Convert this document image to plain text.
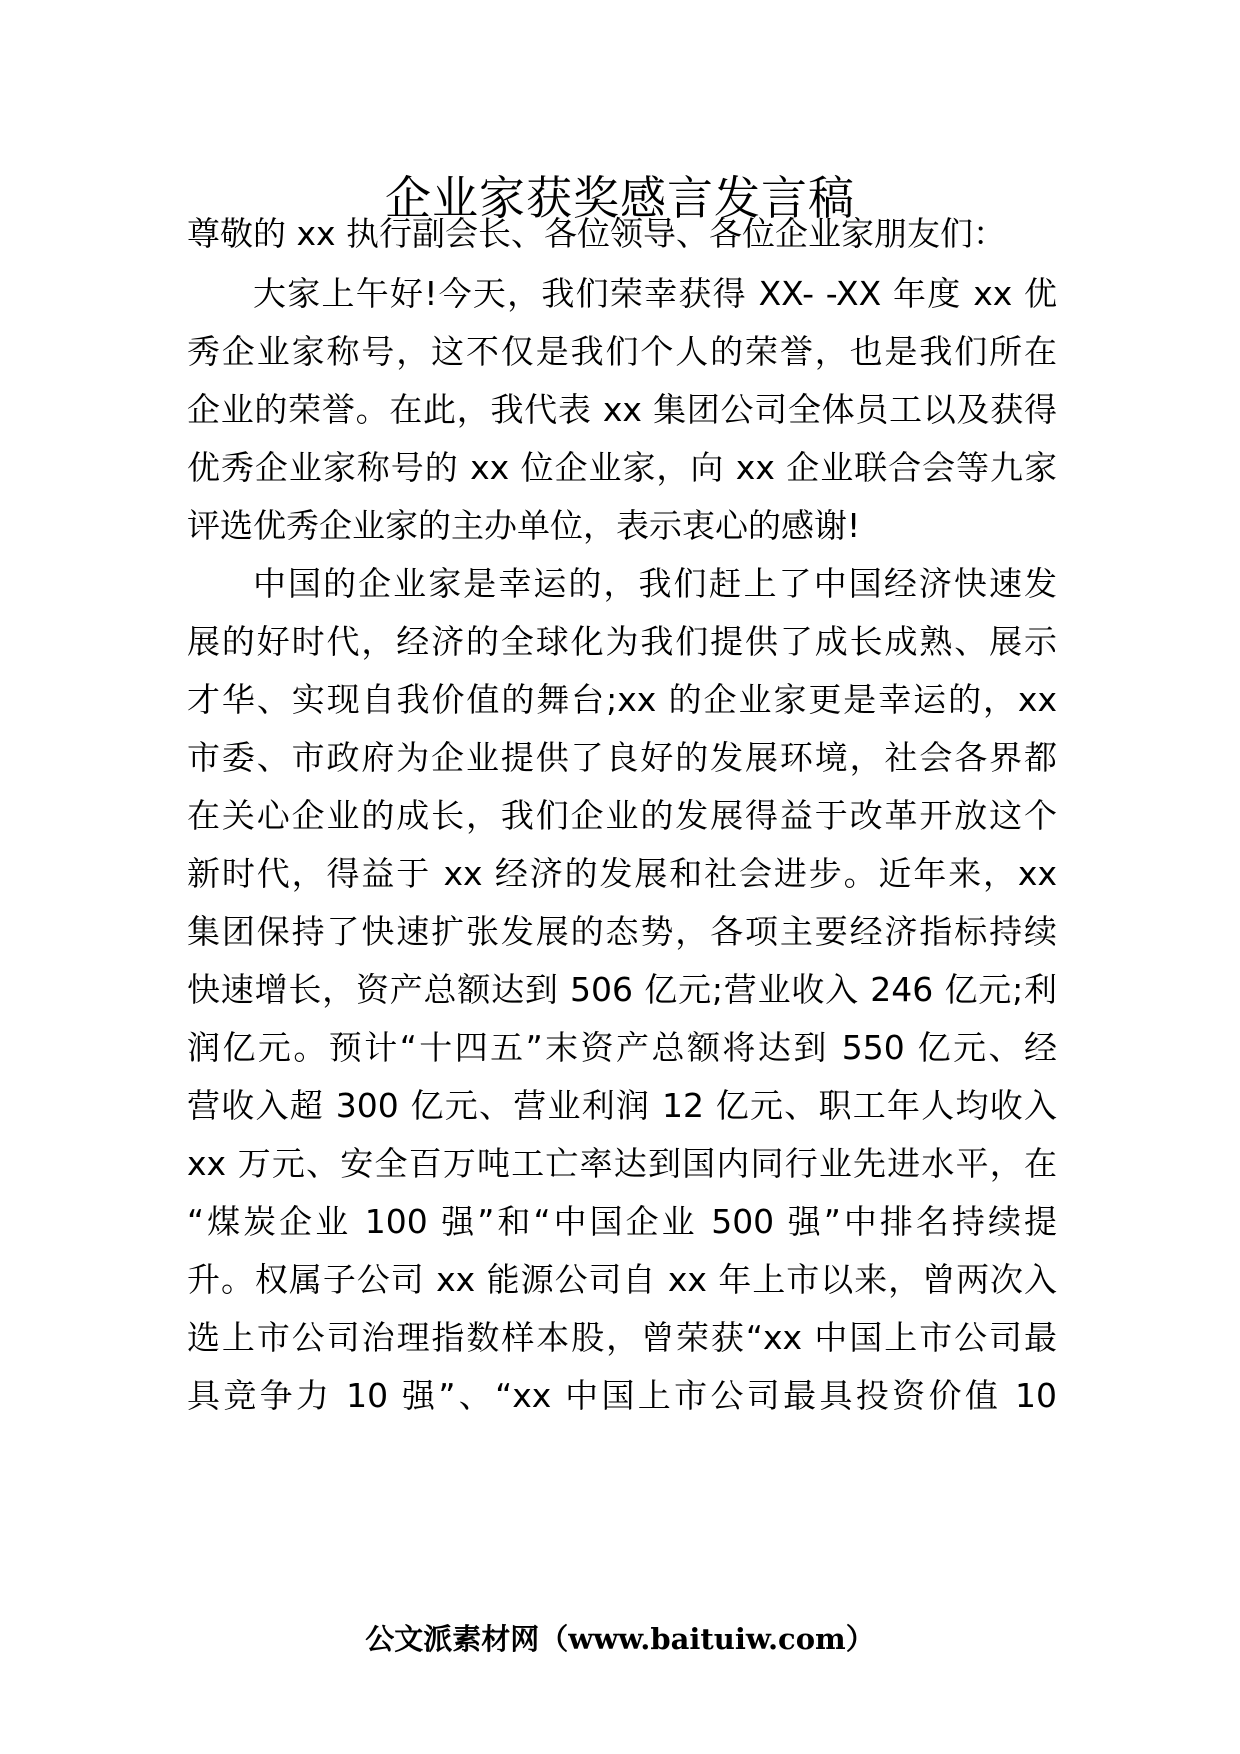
企业家获奖感言发言稿
尊敬的 xx 执行副会长、各位领导、各位企业家朋友们：
大家上午好!今天，我们荣幸获得 XX- -XX 年度 xx 优
秀企业家称号，这不仅是我们个人的荣誉，也是我们所在
企业的荣誉。在此，我代表 xx 集团公司全体员工以及获得
优秀企业家称号的 xx 位企业家，向 xx 企业联合会等九家
评选优秀企业家的主办单位，表示衷心的感谢!
中国的企业家是幸运的，我们赶上了中国经济快速发
展的好时代，经济的全球化为我们提供了成长成熟、展示
才华、实现自我价值的舞台;xx 的企业家更是幸运的，xx
市委、市政府为企业提供了良好的发展环境，社会各界都
在关心企业的成长，我们企业的发展得益于改革开放这个
新时代，得益于 xx 经济的发展和社会进步。近年来，xx
集团保持了快速扩张发展的态势，各项主要经济指标持续
快速增长，资产总额达到 506 亿元;营业收入 246 亿元;利
润亿元。预计“十四五”末资产总额将达到 550 亿元、经
营收入超 300 亿元、营业利润 12 亿元、职工年人均收入
xx 万元、安全百万吨工亡率达到国内同行业先进水平，在
“煤炭企业 100 强”和“中国企业 500 强”中排名持续提
升。权属子公司 xx 能源公司自 xx 年上市以来，曾两次入
选上市公司治理指数样本股，曾荣获“xx 中国上市公司最
具竞争力 10 强”、“xx 中国上市公司最具投资价值 10
公文派素材网（www.baituiw.com）
